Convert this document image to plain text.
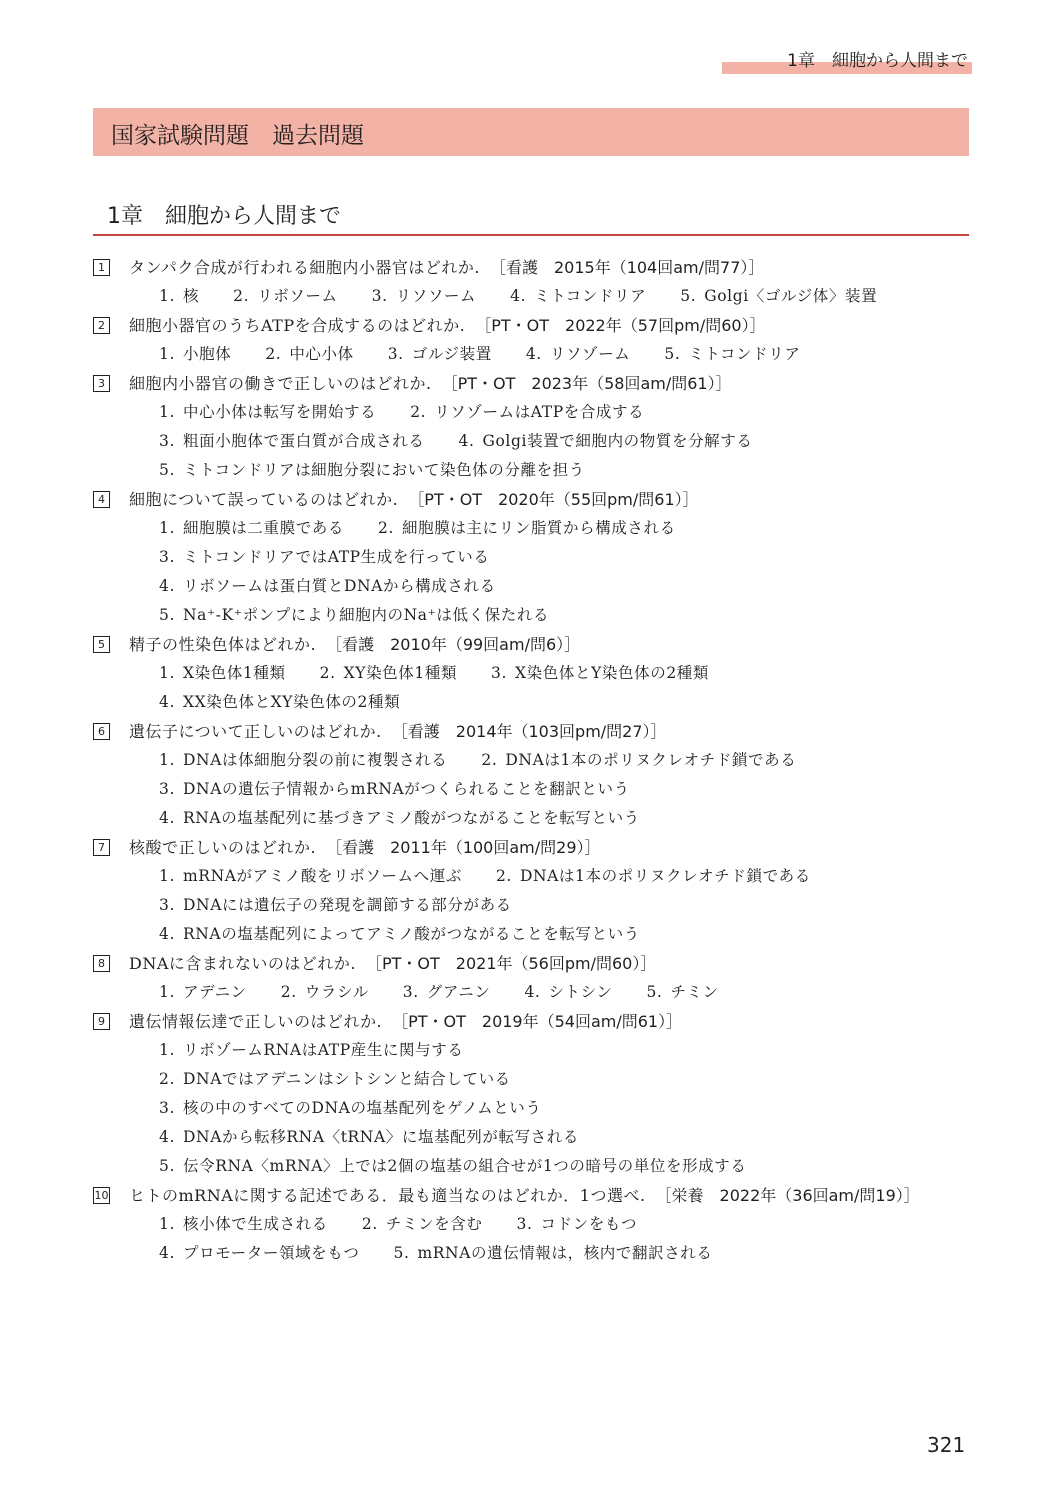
1章　細胞から人間まで
国家試験問題　過去問題
1章　細胞から人間まで
1	タンパク合成が行われる細胞内小器官はどれか. ［看護　2015年（104回am/問77）］
1. 核 2. リボソーム 3. リソソーム 4. ミトコンドリア 5. Golgi〈ゴルジ体〉装置
2	細胞小器官のうちATPを合成するのはどれか. ［PT・OT　2022年（57回pm/問60）］
1. 小胞体 2. 中心小体 3. ゴルジ装置 4. リソゾーム 5. ミトコンドリア
3	細胞内小器官の働きで正しいのはどれか. ［PT・OT　2023年（58回am/問61）］
1. 中心小体は転写を開始する 2. リソゾームはATPを合成する
3. 粗面小胞体で蛋白質が合成される 4. Golgi装置で細胞内の物質を分解する
5. ミトコンドリアは細胞分裂において染色体の分離を担う
4	細胞について誤っているのはどれか. ［PT・OT　2020年（55回pm/問61）］
1. 細胞膜は二重膜である 2. 細胞膜は主にリン脂質から構成される
3. ミトコンドリアではATP生成を行っている
4. リボソームは蛋白質とDNAから構成される
5. Na⁺-K⁺ポンプにより細胞内のNa⁺は低く保たれる
5	精子の性染色体はどれか. ［看護　2010年（99回am/問6）］
1. X染色体1種類 2. XY染色体1種類 3. X染色体とY染色体の2種類
4. XX染色体とXY染色体の2種類
6	遺伝子について正しいのはどれか. ［看護　2014年（103回pm/問27）］
1. DNAは体細胞分裂の前に複製される 2. DNAは1本のポリヌクレオチド鎖である
3. DNAの遺伝子情報からmRNAがつくられることを翻訳という
4. RNAの塩基配列に基づきアミノ酸がつながることを転写という
7	核酸で正しいのはどれか. ［看護　2011年（100回am/問29）］
1. mRNAがアミノ酸をリボソームへ運ぶ 2. DNAは1本のポリヌクレオチド鎖である
3. DNAには遺伝子の発現を調節する部分がある
4. RNAの塩基配列によってアミノ酸がつながることを転写という
8	DNAに含まれないのはどれか. ［PT・OT　2021年（56回pm/問60）］
1. アデニン 2. ウラシル 3. グアニン 4. シトシン 5. チミン
9	遺伝情報伝達で正しいのはどれか. ［PT・OT　2019年（54回am/問61）］
1. リボゾームRNAはATP産生に関与する
2. DNAではアデニンはシトシンと結合している
3. 核の中のすべてのDNAの塩基配列をゲノムという
4. DNAから転移RNA〈tRNA〉に塩基配列が転写される
5. 伝令RNA〈mRNA〉上では2個の塩基の組合せが1つの暗号の単位を形成する
10 ヒトのmRNAに関する記述である．最も適当なのはどれか．1つ選べ. ［栄養　2022年（36回am/問19）］
1. 核小体で生成される 2. チミンを含む 3. コドンをもつ
4. プロモーター領域をもつ 5. mRNAの遺伝情報は，核内で翻訳される
321
